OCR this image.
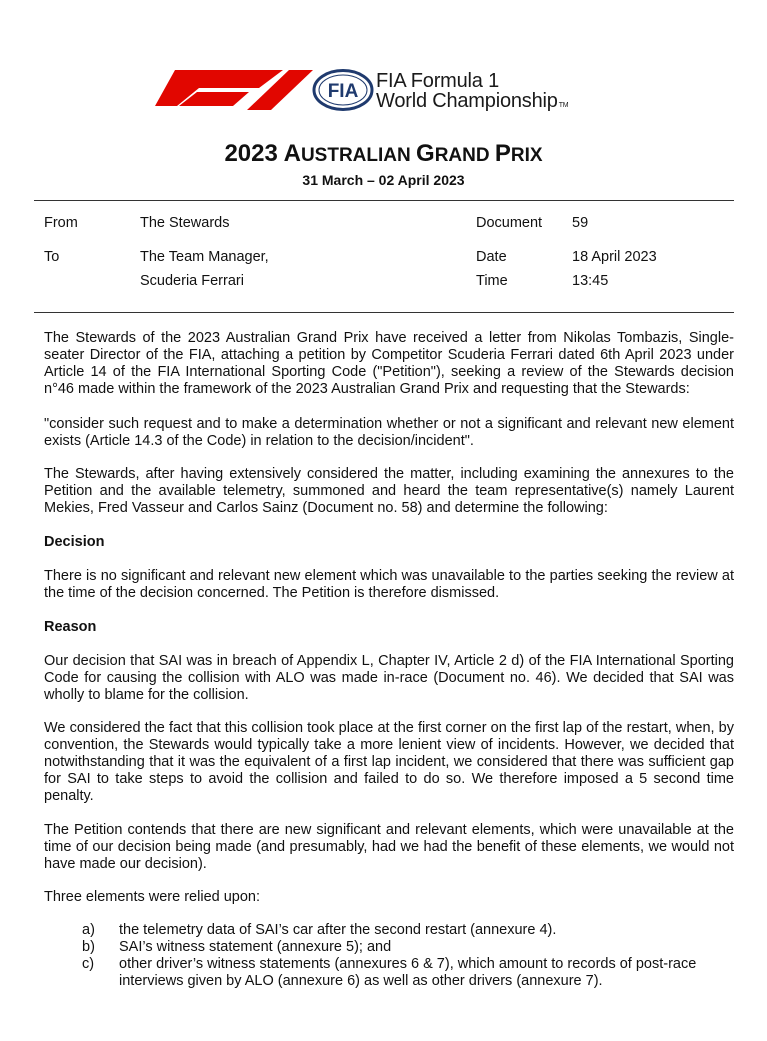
FIA FIA Formula 1
World ChampionshipTM
2023 AUSTRALIAN GRAND PRIX
31 March – 02 April 2023
From	The Stewards	Document 59
To	The Team Manager,	Date	18 April 2023
Scuderia Ferrari	Time	13:45

The Stewards of the 2023 Australian Grand Prix have received a letter from Nikolas Tombazis, Single-seater Director of the FIA, attaching a petition by Competitor Scuderia Ferrari dated 6th April 2023 under Article 14 of the FIA International Sporting Code ("Petition"), seeking a review of the Stewards decision n°46 made within the framework of the 2023 Australian Grand Prix and requesting that the Stewards:

"consider such request and to make a determination whether or not a significant and relevant new element exists (Article 14.3 of the Code) in relation to the decision/incident".

The Stewards, after having extensively considered the matter, including examining the annexures to the Petition and the available telemetry, summoned and heard the team representative(s) namely Laurent Mekies, Fred Vasseur and Carlos Sainz (Document no. 58) and determine the following:

Decision

There is no significant and relevant new element which was unavailable to the parties seeking the review at the time of the decision concerned. The Petition is therefore dismissed.

Reason

Our decision that SAI was in breach of Appendix L, Chapter IV, Article 2 d) of the FIA International Sporting Code for causing the collision with ALO was made in-race (Document no. 46). We decided that SAI was wholly to blame for the collision.

We considered the fact that this collision took place at the first corner on the first lap of the restart, when, by convention, the Stewards would typically take a more lenient view of incidents. However, we decided that notwithstanding that it was the equivalent of a first lap incident, we considered that there was sufficient gap for SAI to take steps to avoid the collision and failed to do so. We therefore imposed a 5 second time penalty.

The Petition contends that there are new significant and relevant elements, which were unavailable at the time of our decision being made (and presumably, had we had the benefit of these elements, we would not have made our decision).

Three elements were relied upon:

a)	the telemetry data of SAI’s car after the second restart (annexure 4).
b)	SAI’s witness statement (annexure 5); and
c)	other driver’s witness statements (annexures 6 & 7), which amount to records of post-race interviews given by ALO (annexure 6) as well as other drivers (annexure 7).
